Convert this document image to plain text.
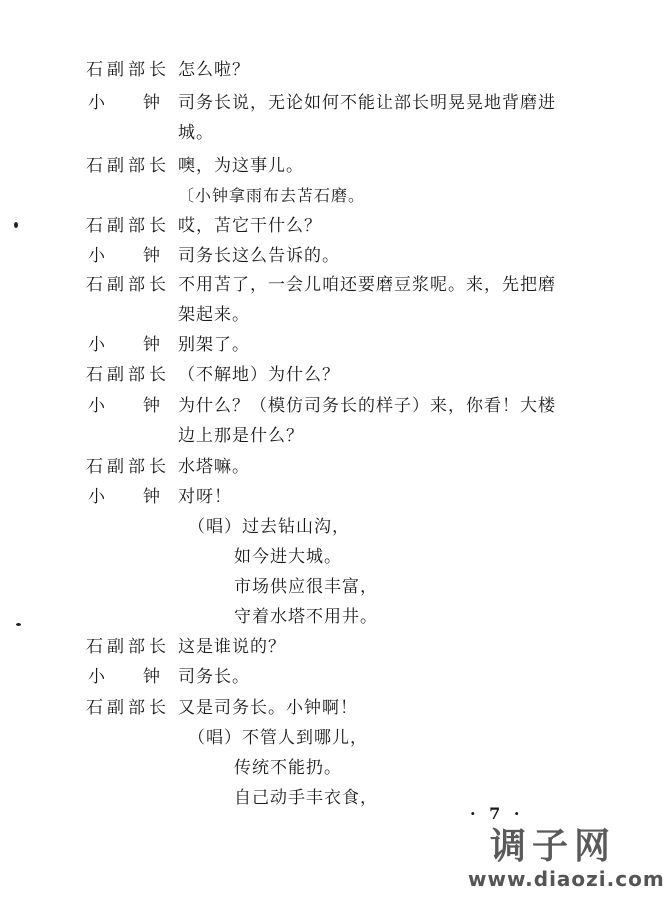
石副部长 怎么啦？
小钟 司务长说，无论如何不能让部长明晃晃地背磨进
城。
石副部长 噢，为这事儿。
〔小钟拿雨布去苫石磨。
石副部长 哎，苫它干什么？
小钟 司务长这么告诉的。
石副部长 不用苫了，一会儿咱还要磨豆浆呢。来，先把磨
架起来。
小钟 别架了。
石副部长 （不解地）为什么？
小钟 为什么？（模仿司务长的样子）来，你看！大楼
边上那是什么？
石副部长 水塔嘛。
小钟 对呀！
（唱）过去钻山沟，
如今进大城。
市场供应很丰富，
守着水塔不用井。
石副部长 这是谁说的？
小钟 司务长。
石副部长 又是司务长。小钟啊！
（唱）不管人到哪儿，
传统不能扔。
自己动手丰衣食，
· 7 ·
调子网
www.diaozi.com
